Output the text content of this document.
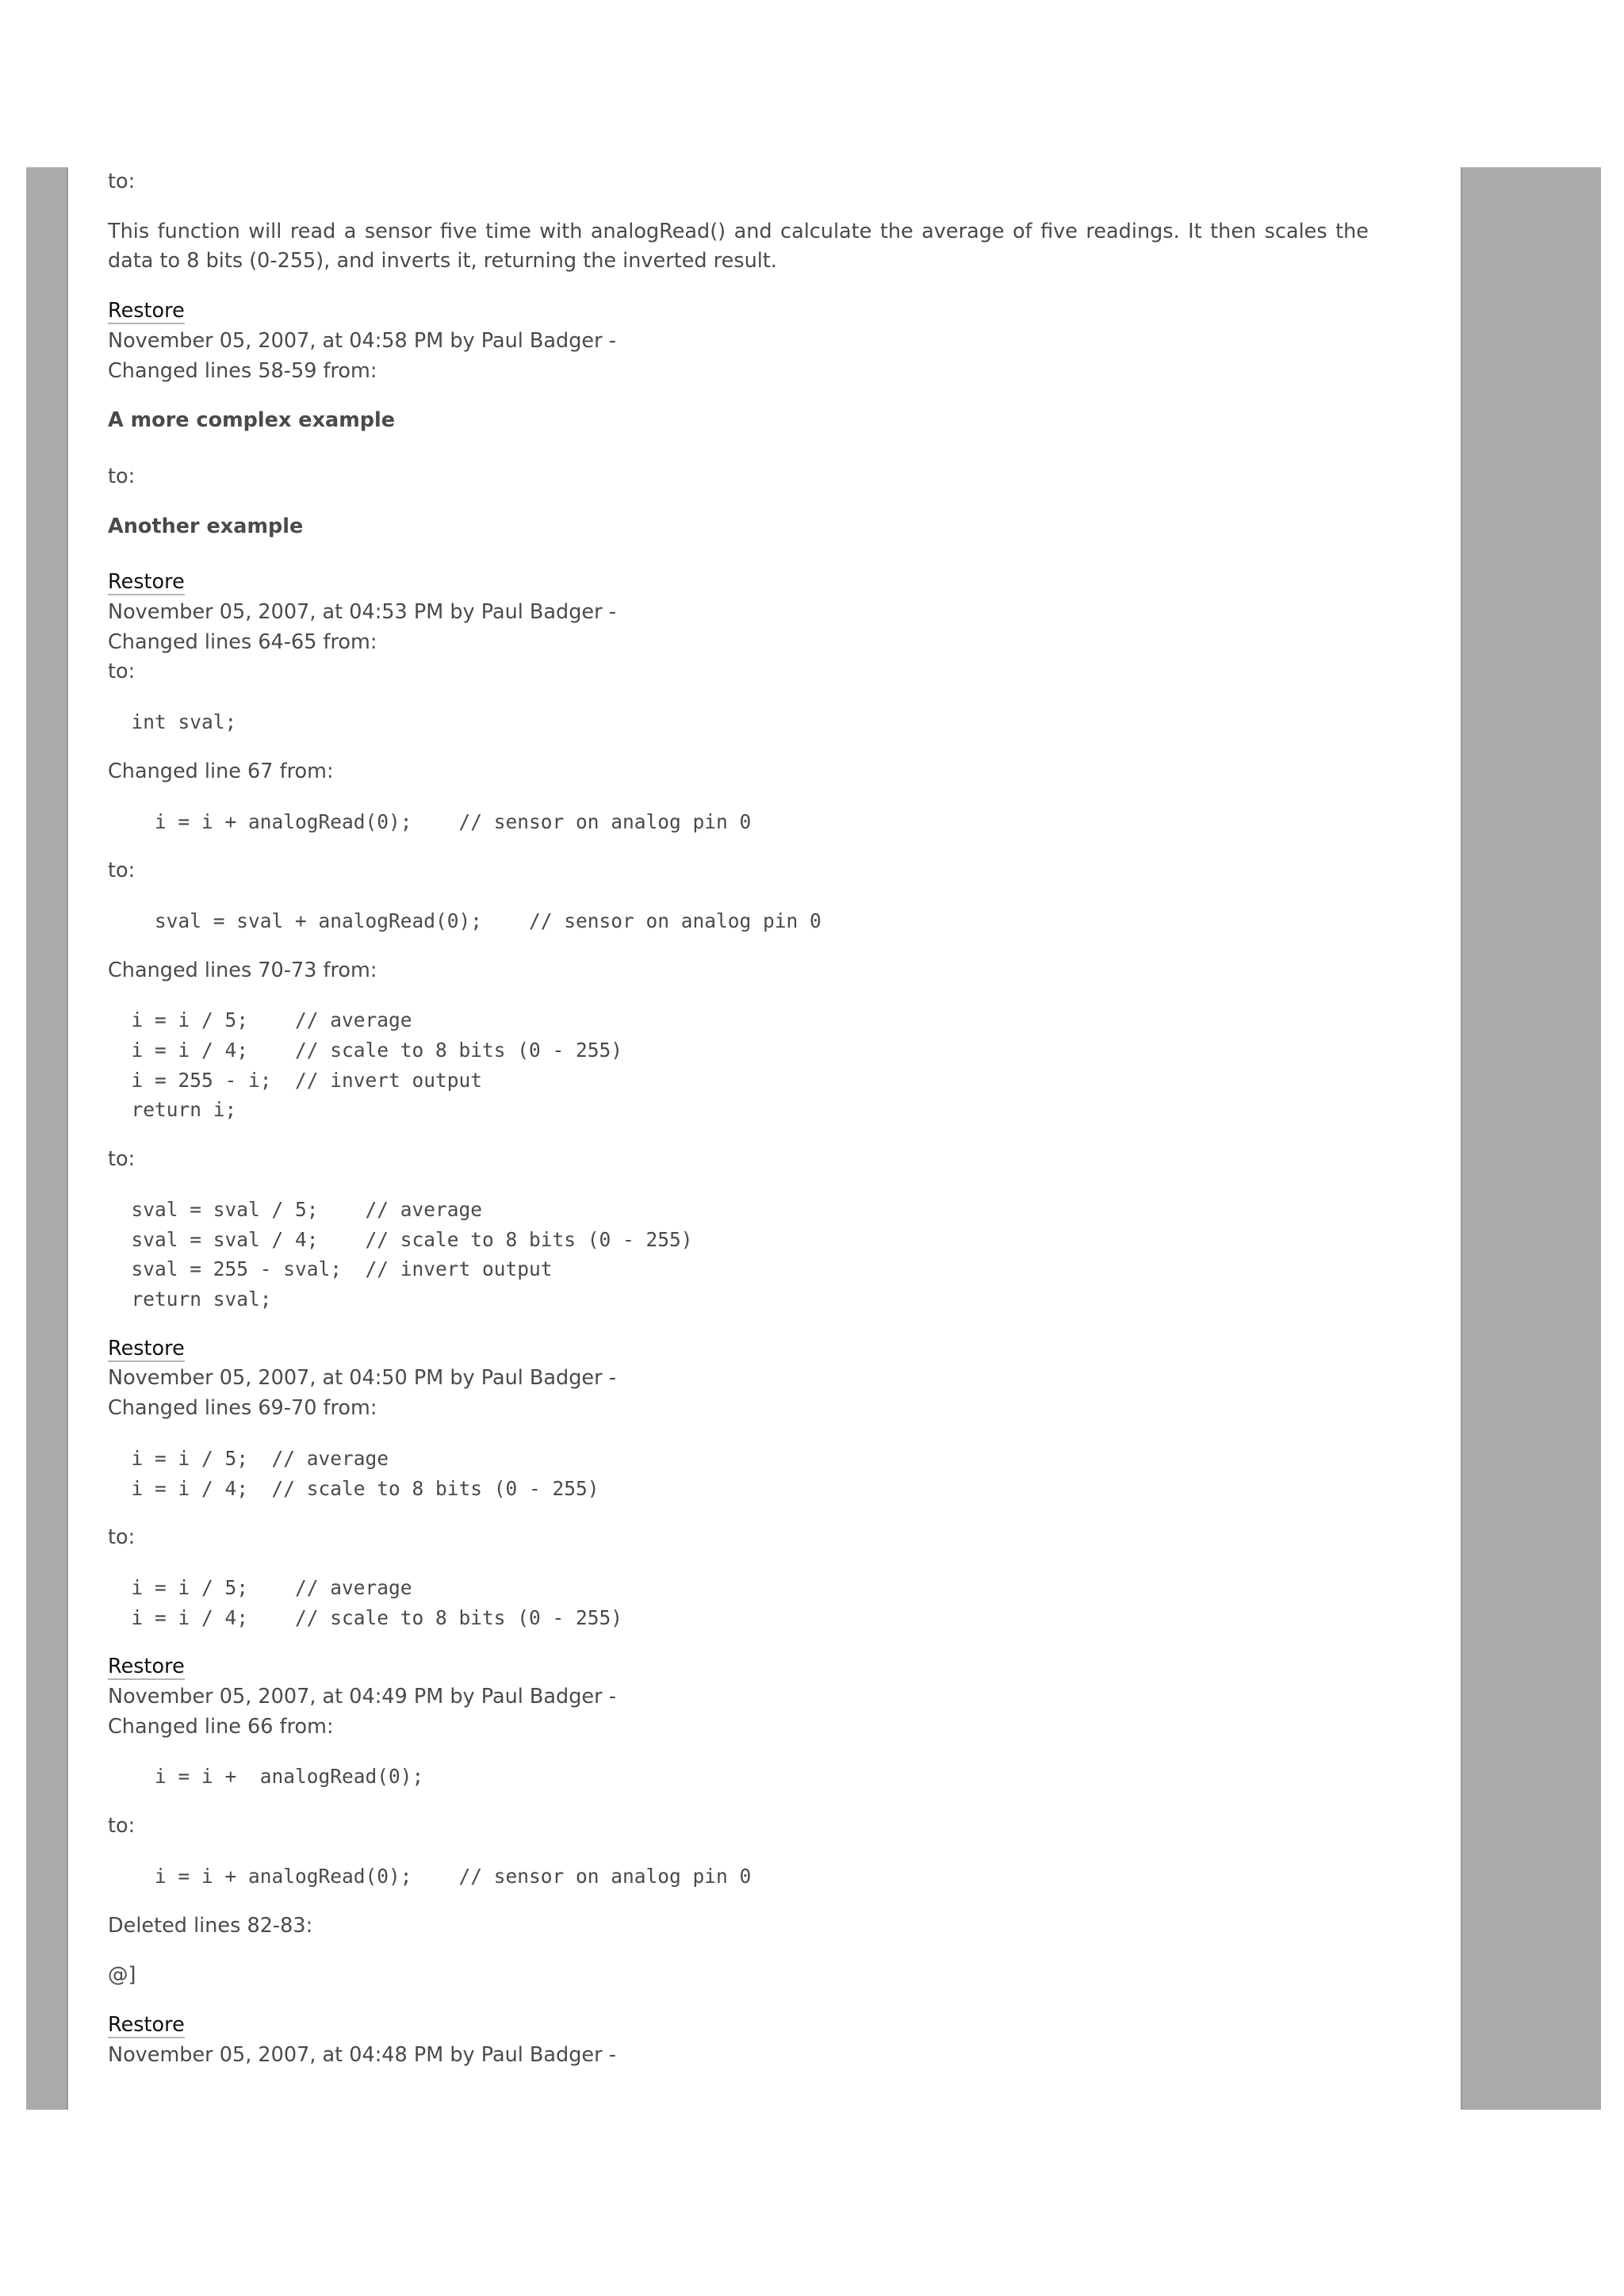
to:
This function will read a sensor five time with analogRead() and calculate the average of five readings. It then scales the data to 8 bits (0-255), and inverts it, returning the inverted result.
Restore
November 05, 2007, at 04:58 PM by Paul Badger -
Changed lines 58-59 from:
A more complex example
to:
Another example
Restore
November 05, 2007, at 04:53 PM by Paul Badger -
Changed lines 64-65 from:
to:
int sval;
Changed line 67 from:
i = i + analogRead(0);    // sensor on analog pin 0
to:
sval = sval + analogRead(0);    // sensor on analog pin 0
Changed lines 70-73 from:
i = i / 5;    // average
i = i / 4;    // scale to 8 bits (0 - 255)
i = 255 - i;  // invert output
return i;
to:
sval = sval / 5;    // average
sval = sval / 4;    // scale to 8 bits (0 - 255)
sval = 255 - sval;  // invert output
return sval;
Restore
November 05, 2007, at 04:50 PM by Paul Badger -
Changed lines 69-70 from:
i = i / 5;  // average
i = i / 4;  // scale to 8 bits (0 - 255)
to:
i = i / 5;    // average
i = i / 4;    // scale to 8 bits (0 - 255)
Restore
November 05, 2007, at 04:49 PM by Paul Badger -
Changed line 66 from:
i = i +  analogRead(0);
to:
i = i + analogRead(0);    // sensor on analog pin 0
Deleted lines 82-83:
@]
Restore
November 05, 2007, at 04:48 PM by Paul Badger -
